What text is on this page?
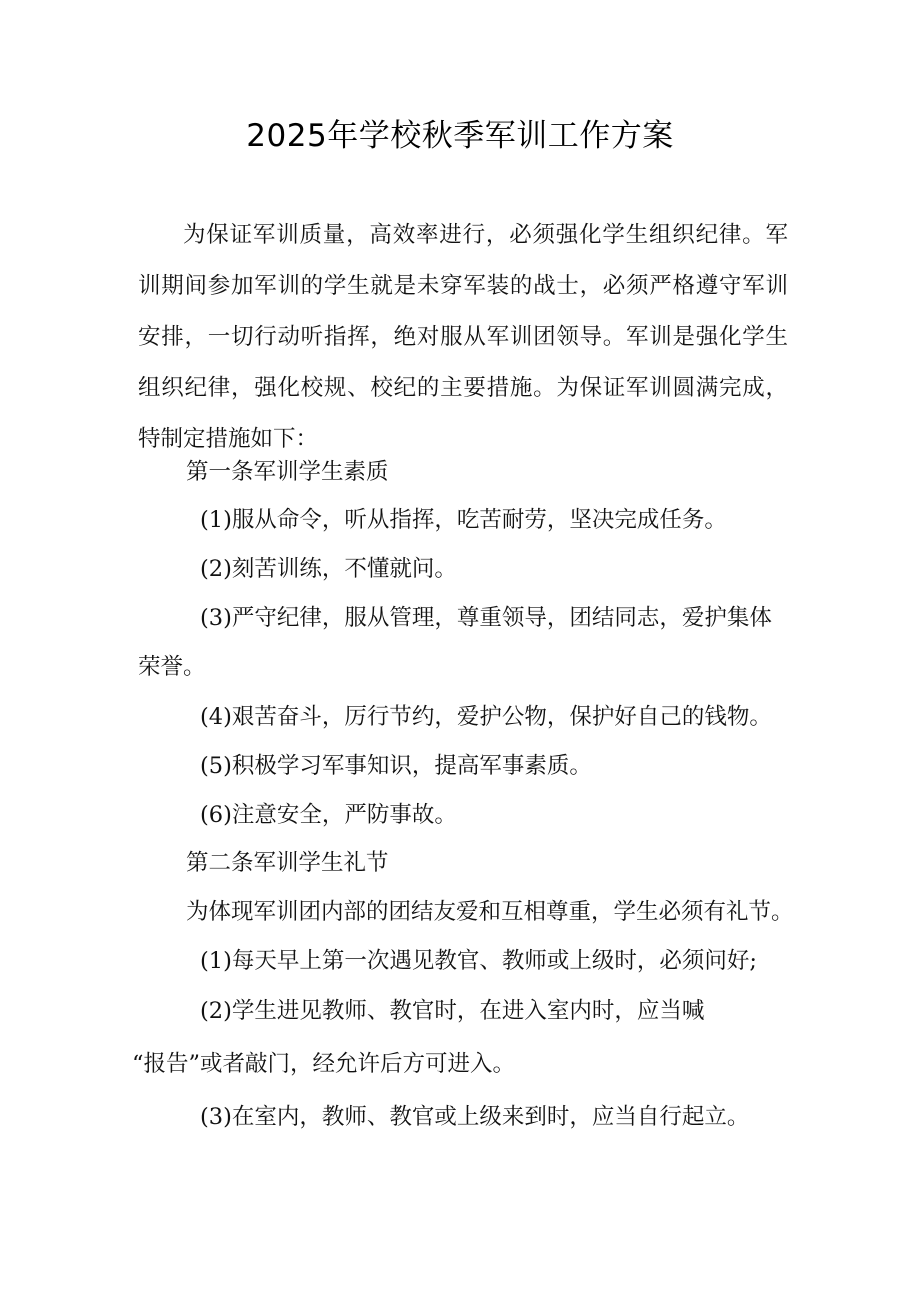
2025年学校秋季军训工作方案

为保证军训质量，高效率进行，必须强化学生组织纪律。军训期间参加军训的学生就是未穿军装的战士，必须严格遵守军训安排，一切行动听指挥，绝对服从军训团领导。军训是强化学生组织纪律，强化校规、校纪的主要措施。为保证军训圆满完成，特制定措施如下：

第一条军训学生素质
(1)服从命令，听从指挥，吃苦耐劳，坚决完成任务。
(2)刻苦训练，不懂就问。
(3)严守纪律，服从管理，尊重领导，团结同志，爱护集体
荣誉。
(4)艰苦奋斗，厉行节约，爱护公物，保护好自己的钱物。
(5)积极学习军事知识，提高军事素质。
(6)注意安全，严防事故。
第二条军训学生礼节
为体现军训团内部的团结友爱和互相尊重，学生必须有礼节。
(1)每天早上第一次遇见教官、教师或上级时，必须问好;
(2)学生进见教师、教官时，在进入室内时，应当喊
“报告”或者敲门，经允许后方可进入。
(3)在室内，教师、教官或上级来到时，应当自行起立。
